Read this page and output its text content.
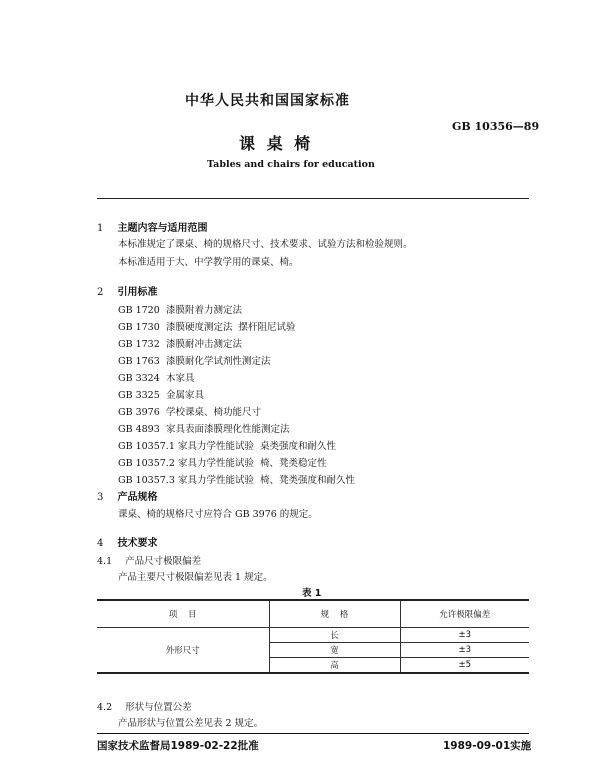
中华人民共和国国家标准
GB 10356—89
课 桌 椅
Tables and chairs for education
1 主题内容与适用范围
本标准规定了课桌、椅的规格尺寸、技术要求、试验方法和检验规则。
本标准适用于大、中学教学用的课桌、椅。
2 引用标准
GB 1720 漆膜附着力测定法
GB 1730 漆膜硬度测定法  摆杆阻尼试验
GB 1732 漆膜耐冲击测定法
GB 1763 漆膜耐化学试剂性测定法
GB 3324 木家具
GB 3325 金属家具
GB 3976 学校课桌、椅功能尺寸
GB 4893 家具表面漆膜理化性能测定法
GB 10357.1 家具力学性能试验  桌类强度和耐久性
GB 10357.2 家具力学性能试验  椅、凳类稳定性
GB 10357.3 家具力学性能试验  椅、凳类强度和耐久性
3 产品规格
课桌、椅的规格尺寸应符合 GB 3976 的规定。
4 技术要求
4.1 产品尺寸极限偏差
产品主要尺寸极限偏差见表 1 规定。
表 1
项    目	规    格	允许极限偏差
外形尺寸	长	±3
	宽	±3
	高	±5
4.2 形状与位置公差
产品形状与位置公差见表 2 规定。
国家技术监督局1989-02-22批准	1989-09-01实施
